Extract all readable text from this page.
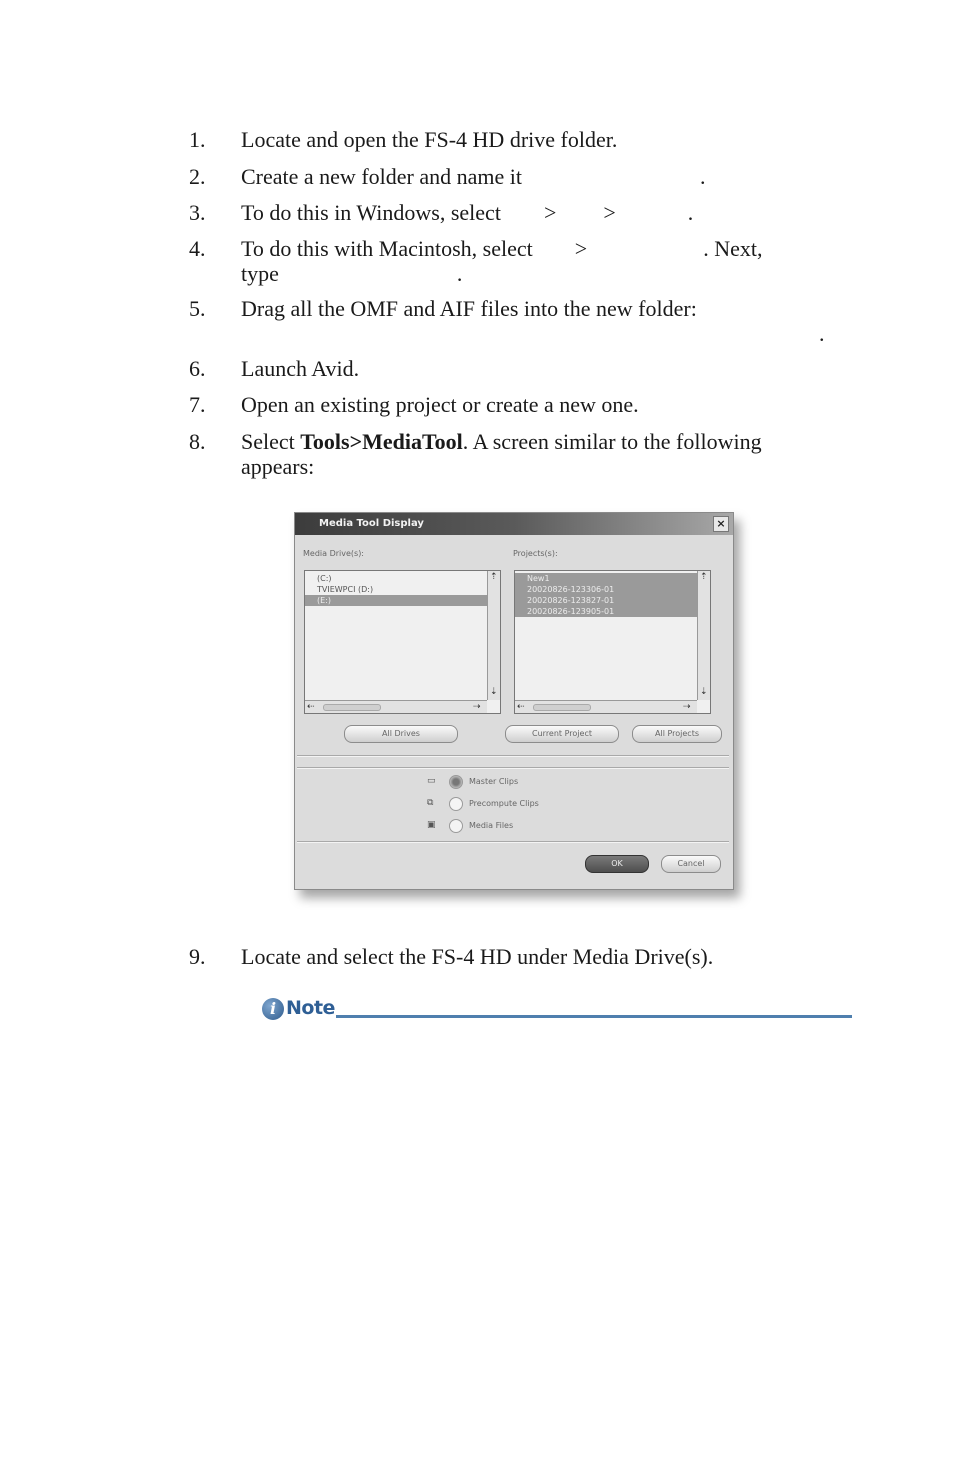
1. Locate and open the FS-4 HD drive folder.
2. Create a new folder and name it	.
3. To do this in Windows, select > >	.
4. To do this with Macintosh, select >	. Next,
type	.
5. Drag all the OMF and AIF files into the new folder:
.
6. Launch Avid.
7. Open an existing project or create a new one.
8. Select Tools>MediaTool. A screen similar to the following
appears:
9. Locate and select the FS-4 HD under Media Drive(s).
Media Tool Display	×
Media Drive(s):	Projects(s):
(C:)
TVIEWPCI (D:)
(E:)
⇡
⇣
⇠	⇢
New1
20020826-123306-01
20020826-123827-01
20020826-123905-01
⇡
⇣
⇠	⇢
All Drives	Current Project	All Projects
▭	Master Clips
⧉	Precompute Clips
▣	Media Files
OK	Cancel
i Note
